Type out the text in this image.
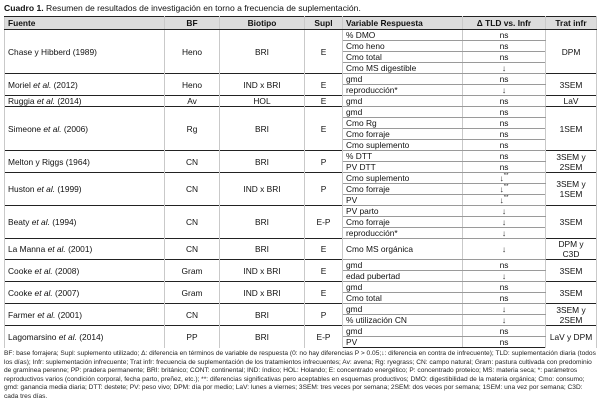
Cuadro 1. Resumen de resultados de investigación en torno a frecuencia de suplementación.
Fuente	BF	Biotipo	Supl	Variable Respuesta	Δ TLD vs. Infr	Trat infr
Chase y Hibberd (1989)	Heno	BRI	E	% DMO	ns	DPM

				Cmo heno	ns	
				Cmo total	ns	
				Cmo MS digestible	↓	
Moriel et al. (2012)	Heno	IND x BRI	E	gmd	ns	3SEM

				reproducción*	↓	
Ruggia et al. (2014)	Av	HOL	E	gmd	ns	LaV

Simeone et al. (2006)	Rg	BRI	E	gmd	ns	1SEM

				Cmo Rg	ns	
				Cmo forraje	ns	
				Cmo suplemento	ns	
Melton y Riggs (1964)	CN	BRI	P	% DTT	ns	3SEM y
2SEM

				PV DTT	ns	
Huston et al. (1999)	CN	IND x BRI	P	Cmo suplemento	↓**	3SEM y
1SEM

				Cmo forraje	↓**
				PV	↓**
Beaty et al. (1994)	CN	BRI	E-P	PV parto	↓	3SEM

				Cmo forraje	↓	
				reproducción*	↓	
La Manna et al. (2001)	CN	BRI	E	Cmo MS orgánica	↓	DPM y
C3D

Cooke et al. (2008)	Gram	IND x BRI	E	gmd	ns	3SEM

				edad pubertad	↓	
Cooke et al. (2007)	Gram	IND x BRI	E	gmd	ns	3SEM

				Cmo total	ns	
Farmer et al. (2001)	CN	BRI	P	gmd	↓	3SEM y
2SEM

				% utilización CN	↓	
Lagomarsino et al. (2014)	PP	BRI	E-P	gmd	ns	LaV y DPM

				PV	ns	
BF: base forrajera; Supl: suplemento utilizado; Δ: diferencia en términos de variable de respuesta (0: no hay diferencias P > 0.05;↓: diferencia en contra de infrecuente); TLD: suplementación diaria (todos los días); Infr: suplementación infrecuente; Trat infr: frecuencia de suplementación de los tratamientos infrecuentes; Av: avena; Rg: ryegrass; CN: campo natural; Gram: pastura cultivada con predominio de gramínea perenne; PP: pradera permanente; BRI: británico; CONT: continental; IND: índico; HOL: Holando; E: concentrado energético; P: concentrado proteico; MS: materia seca; *: parámetros reproductivos varios (condición corporal, fecha parto, preñez, etc.); **: diferencias significativas pero aceptables en esquemas productivos; DMO: digestibilidad de la materia orgánica; Cmo: consumo; gmd: ganancia media diaria; DTT: destete; PV: peso vivo; DPM: día por medio; LaV: lunes a viernes; 3SEM: tres veces por semana; 2SEM: dos veces por semana; 1SEM: una vez por semana; C3D: cada tres días.
